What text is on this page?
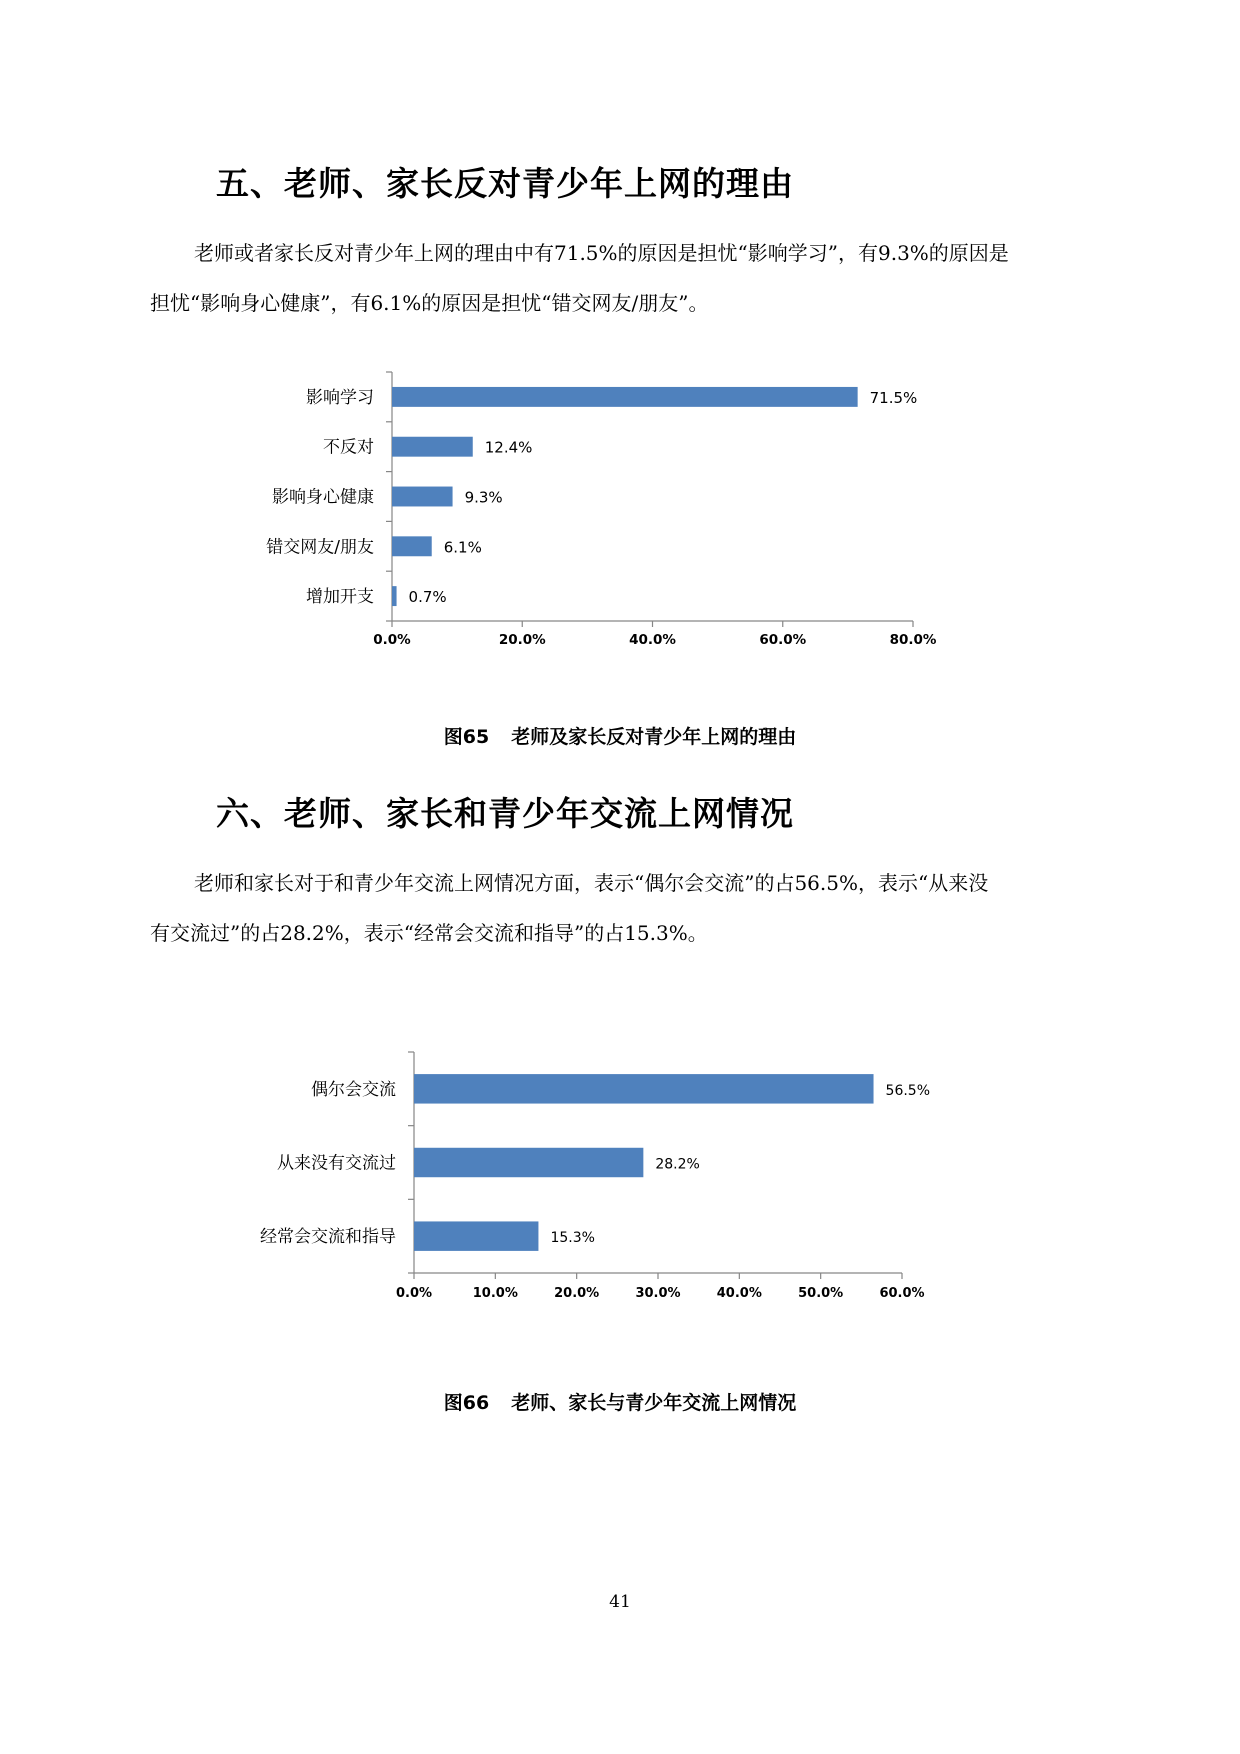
五、老师、家长反对青少年上网的理由

老师或者家长反对青少年上网的理由中有71.5%的原因是担忧“影响学习”，有9.3%的原因是
担忧“影响身心健康”，有6.1%的原因是担忧“错交网友/朋友”。

0.0%	20.0%	40.0%	60.0%	80.0%
影响学习	71.5%
不反对	12.4%
影响身心健康	9.3%
错交网友/朋友	6.1%
增加开支 0.7%

图65 老师及家长反对青少年上网的理由

六、老师、家长和青少年交流上网情况

老师和家长对于和青少年交流上网情况方面，表示“偶尔会交流”的占56.5%，表示“从来没
有交流过”的占28.2%，表示“经常会交流和指导”的占15.3%。

0.0%	10.0%	20.0%	30.0%	40.0%	50.0%	60.0%
偶尔会交流	56.5%
从来没有交流过	28.2%
经常会交流和指导	15.3%

图66 老师、家长与青少年交流上网情况

41
